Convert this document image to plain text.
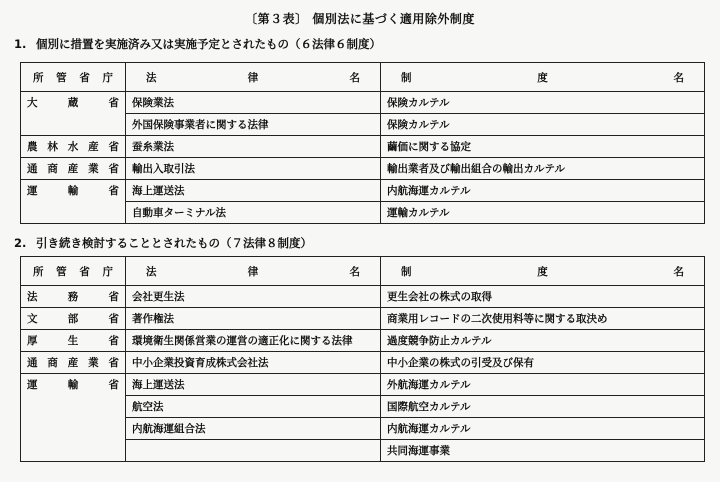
〔第３表〕 個別法に基づく適用除外制度
1. 個別に措置を実施済み又は実施予定とされたもの（６法律６制度）
所 管 省 庁	法 律 名	制 度 名

大 蔵 省	保険業法	保険カルテル
	外国保険事業者に関する法律	保険カルテル

農 林 水 産 省	蚕糸業法	繭価に関する協定

通 商 産 業 省	輸出入取引法	輸出業者及び輸出組合の輸出カルテル

運 輸 省	海上運送法	内航海運カルテル
	自動車ターミナル法	運輸カルテル
2. 引き続き検討することとされたもの（７法律８制度）
所 管 省 庁	法 律 名	制 度 名

法 務 省	会社更生法	更生会社の株式の取得

文 部 省	著作権法	商業用レコードの二次使用料等に関する取決め

厚 生 省	環境衛生関係営業の運営の適正化に関する法律	過度競争防止カルテル

通 商 産 業 省	中小企業投資育成株式会社法	中小企業の株式の引受及び保有

運 輸 省	海上運送法	外航海運カルテル
	航空法	国際航空カルテル
	内航海運組合法	内航海運カルテル
		共同海運事業
